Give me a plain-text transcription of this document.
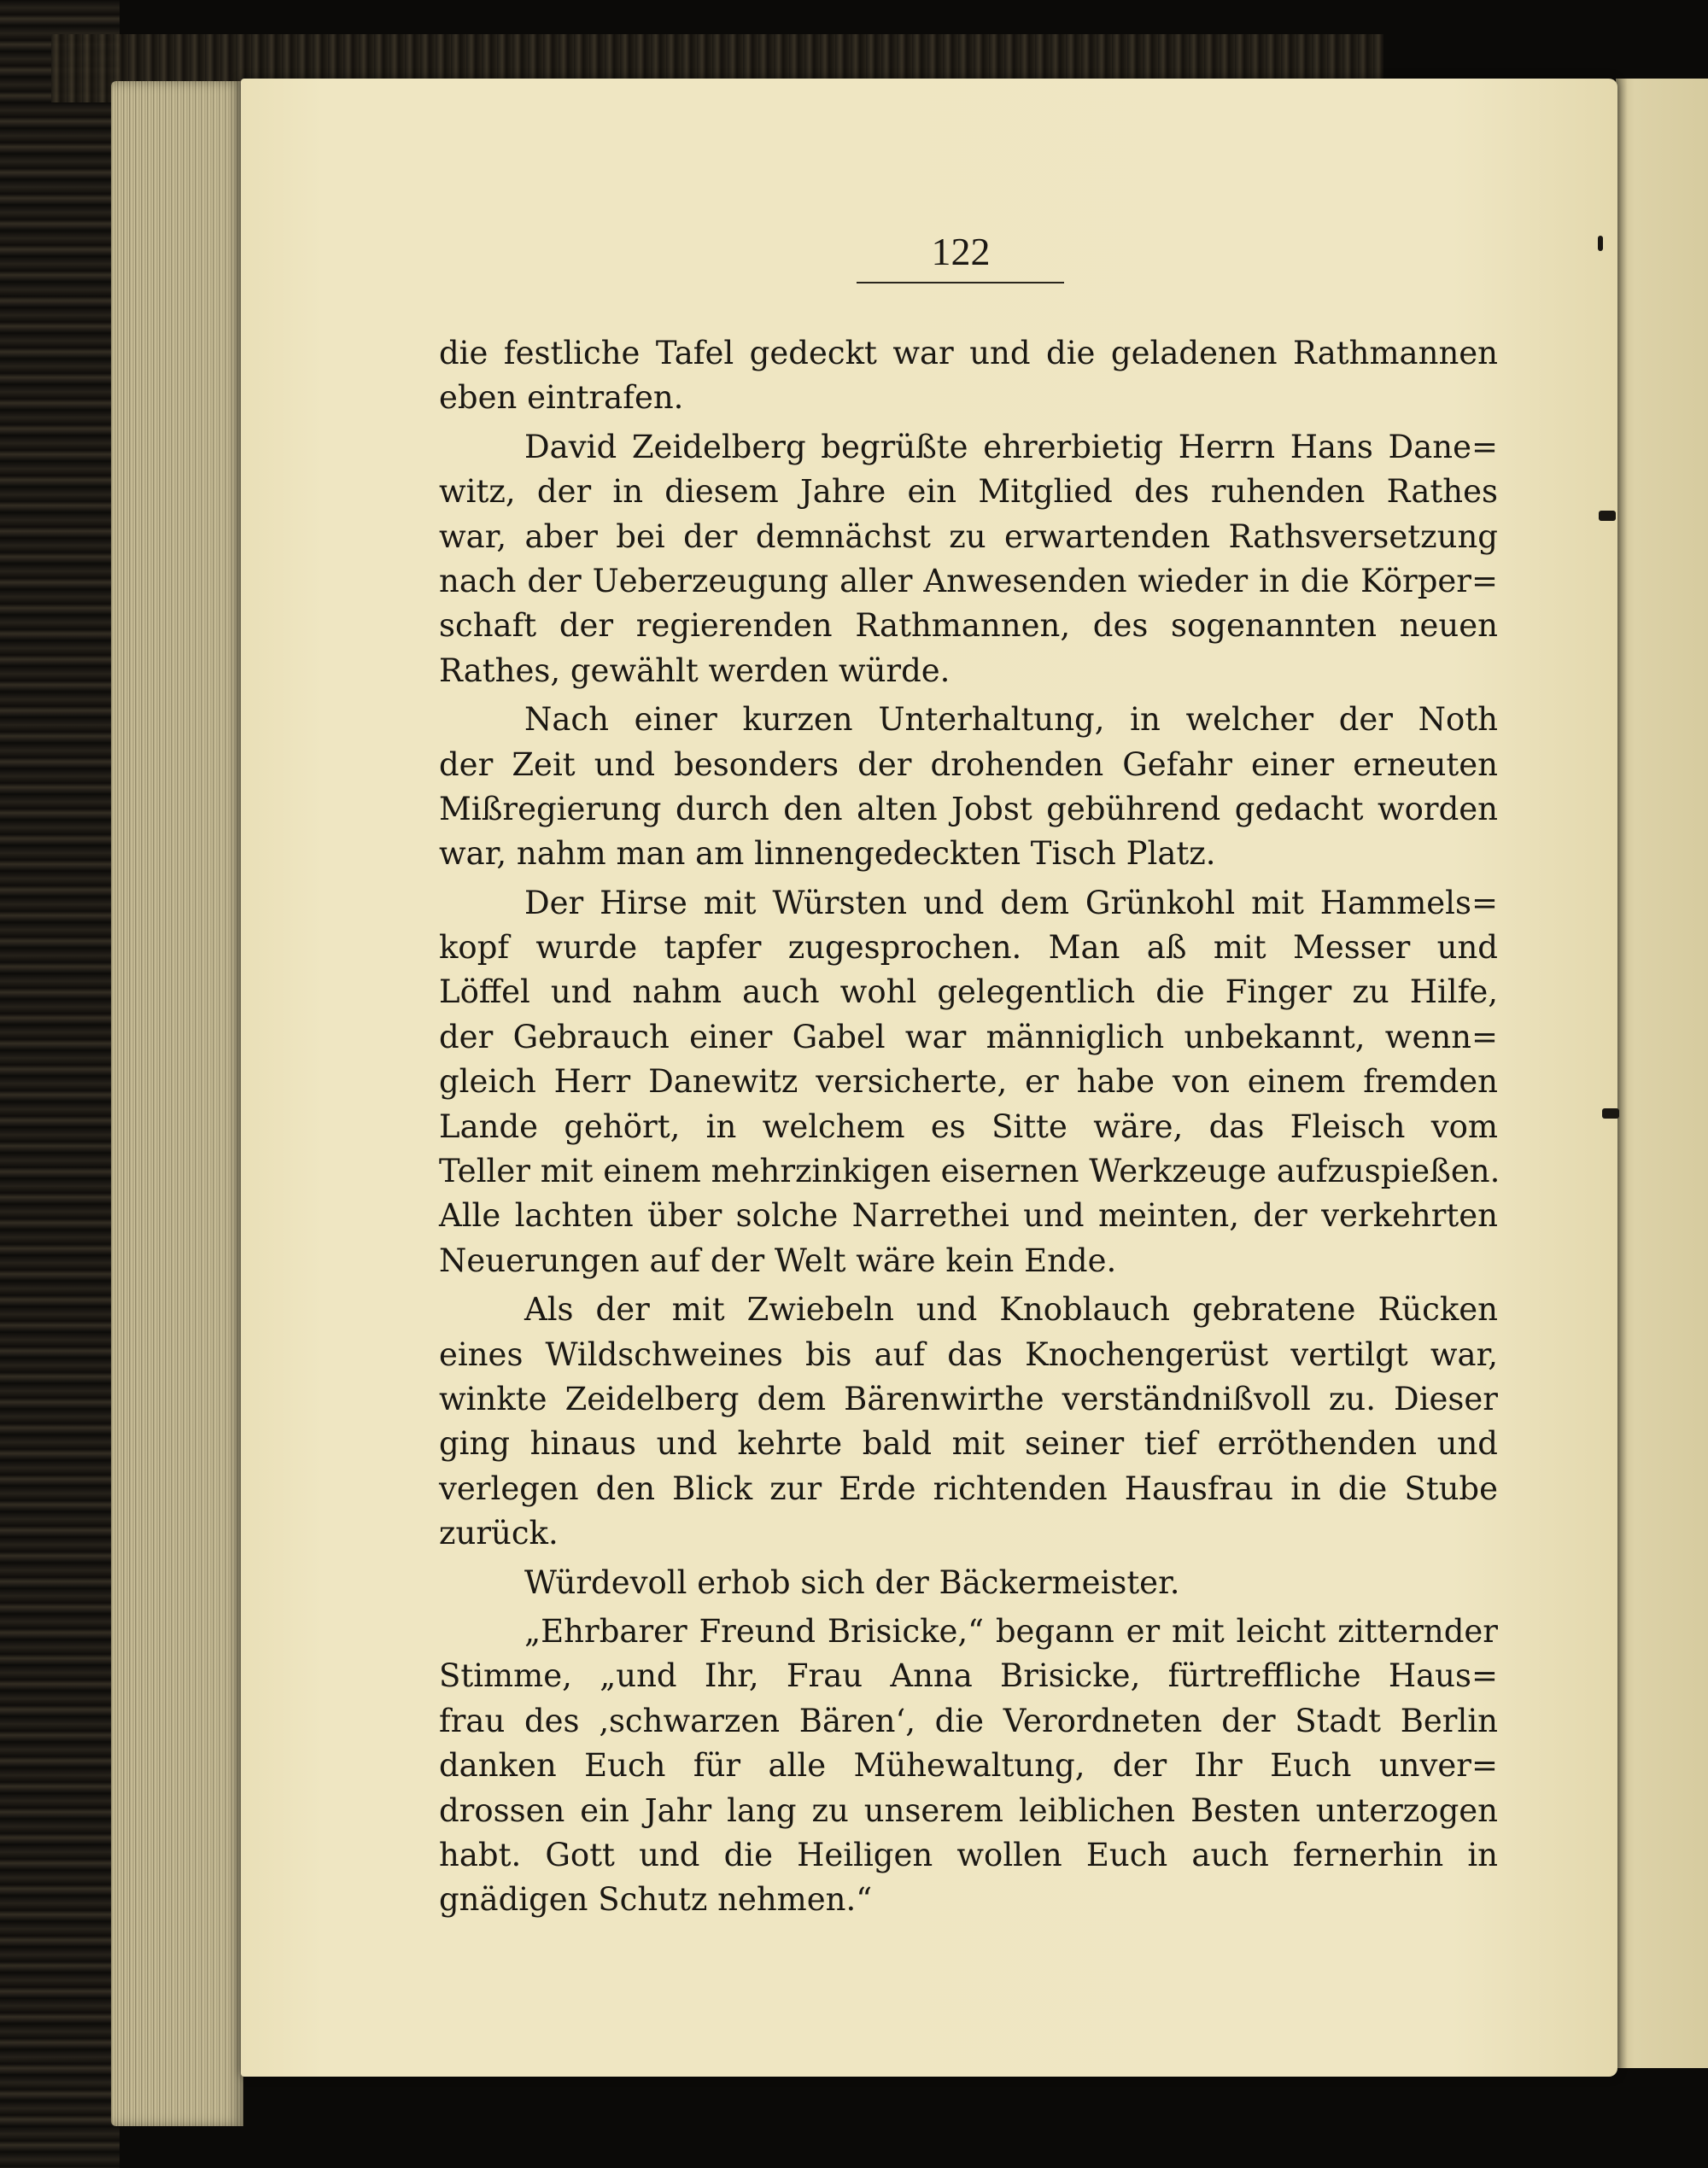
122
die festliche Tafel gedeckt war und die geladenen Rathmannen
eben eintrafen.
David Zeidelberg begrüßte ehrerbietig Herrn Hans Dane=
witz, der in diesem Jahre ein Mitglied des ruhenden Rathes
war, aber bei der demnächst zu erwartenden Rathsversetzung
nach der Ueberzeugung aller Anwesenden wieder in die Körper=
schaft der regierenden Rathmannen, des sogenannten neuen
Rathes, gewählt werden würde.
Nach einer kurzen Unterhaltung, in welcher der Noth
der Zeit und besonders der drohenden Gefahr einer erneuten
Mißregierung durch den alten Jobst gebührend gedacht worden
war, nahm man am linnengedeckten Tisch Platz.
Der Hirse mit Würsten und dem Grünkohl mit Hammels=
kopf wurde tapfer zugesprochen. Man aß mit Messer und
Löffel und nahm auch wohl gelegentlich die Finger zu Hilfe,
der Gebrauch einer Gabel war männiglich unbekannt, wenn=
gleich Herr Danewitz versicherte, er habe von einem fremden
Lande gehört, in welchem es Sitte wäre, das Fleisch vom
Teller mit einem mehrzinkigen eisernen Werkzeuge aufzuspießen.
Alle lachten über solche Narrethei und meinten, der verkehrten
Neuerungen auf der Welt wäre kein Ende.
Als der mit Zwiebeln und Knoblauch gebratene Rücken
eines Wildschweines bis auf das Knochengerüst vertilgt war,
winkte Zeidelberg dem Bärenwirthe verständnißvoll zu. Dieser
ging hinaus und kehrte bald mit seiner tief erröthenden und
verlegen den Blick zur Erde richtenden Hausfrau in die Stube
zurück.
Würdevoll erhob sich der Bäckermeister.
„Ehrbarer Freund Brisicke,“ begann er mit leicht zitternder
Stimme, „und Ihr, Frau Anna Brisicke, fürtreffliche Haus=
frau des ‚schwarzen Bären‘, die Verordneten der Stadt Berlin
danken Euch für alle Mühewaltung, der Ihr Euch unver=
drossen ein Jahr lang zu unserem leiblichen Besten unterzogen
habt. Gott und die Heiligen wollen Euch auch fernerhin in
gnädigen Schutz nehmen.“
